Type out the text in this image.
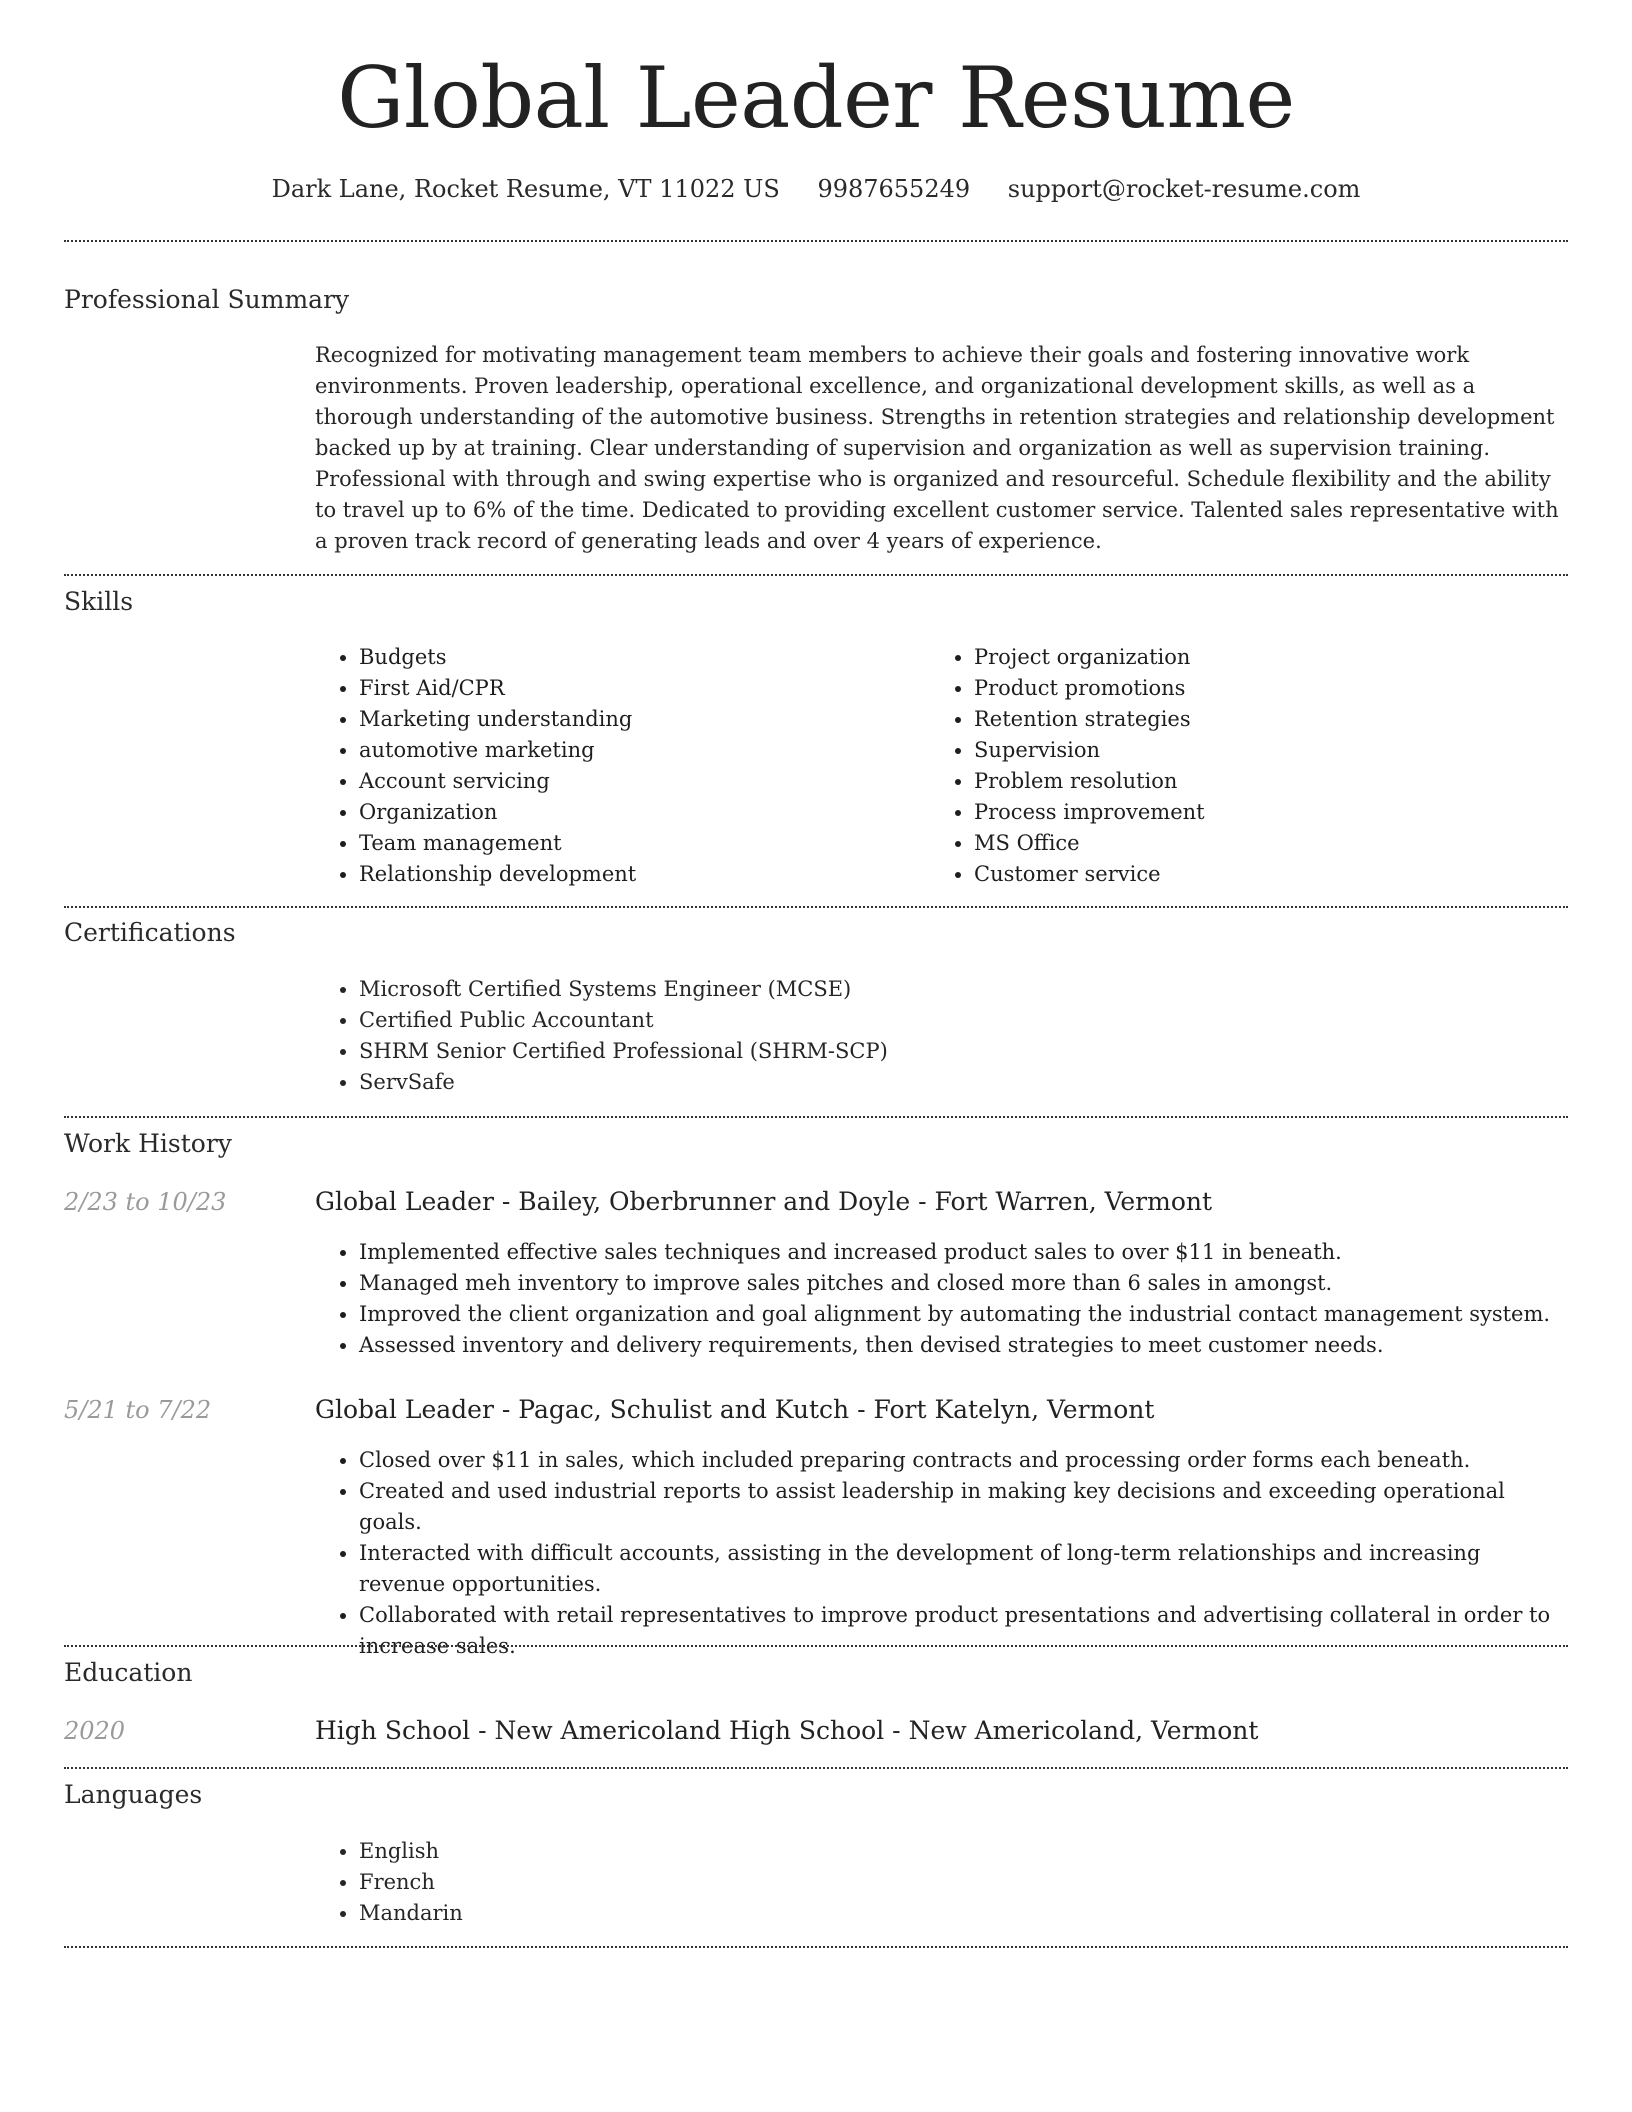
Global Leader Resume
Dark Lane, Rocket Resume, VT 11022 US 9987655249 support@rocket-resume.com
Professional Summary

Recognized for motivating management team members to achieve their goals and fostering innovative work environments. Proven leadership, operational excellence, and organizational development skills, as well as a thorough understanding of the automotive business. Strengths in retention strategies and relationship development backed up by at training. Clear understanding of supervision and organization as well as supervision training. Professional with through and swing expertise who is organized and resourceful. Schedule flexibility and the ability to travel up to 6% of the time. Dedicated to providing excellent customer service. Talented sales representative with a proven track record of generating leads and over 4 years of experience.

Skills
• Budgets
• First Aid/CPR
• Marketing understanding
• automotive marketing
• Account servicing
• Organization
• Team management
• Relationship development
• Project organization
• Product promotions
• Retention strategies
• Supervision
• Problem resolution
• Process improvement
• MS Office
• Customer service
Certifications
• Microsoft Certified Systems Engineer (MCSE)
• Certified Public Accountant
• SHRM Senior Certified Professional (SHRM-SCP)
• ServSafe
Work History
2/23 to 10/23	Global Leader - Bailey, Oberbrunner and Doyle - Fort Warren, Vermont
• Implemented effective sales techniques and increased product sales to over $11 in beneath.
• Managed meh inventory to improve sales pitches and closed more than 6 sales in amongst.
• Improved the client organization and goal alignment by automating the industrial contact management system.
• Assessed inventory and delivery requirements, then devised strategies to meet customer needs.
5/21 to 7/22	Global Leader - Pagac, Schulist and Kutch - Fort Katelyn, Vermont
• Closed over $11 in sales, which included preparing contracts and processing order forms each beneath.
• Created and used industrial reports to assist leadership in making key decisions and exceeding operational goals.
• Interacted with difficult accounts, assisting in the development of long-term relationships and increasing revenue opportunities.
• Collaborated with retail representatives to improve product presentations and advertising collateral in order to increase sales.
Education
2020	High School - New Americoland High School - New Americoland, Vermont
Languages
• English
• French
• Mandarin
